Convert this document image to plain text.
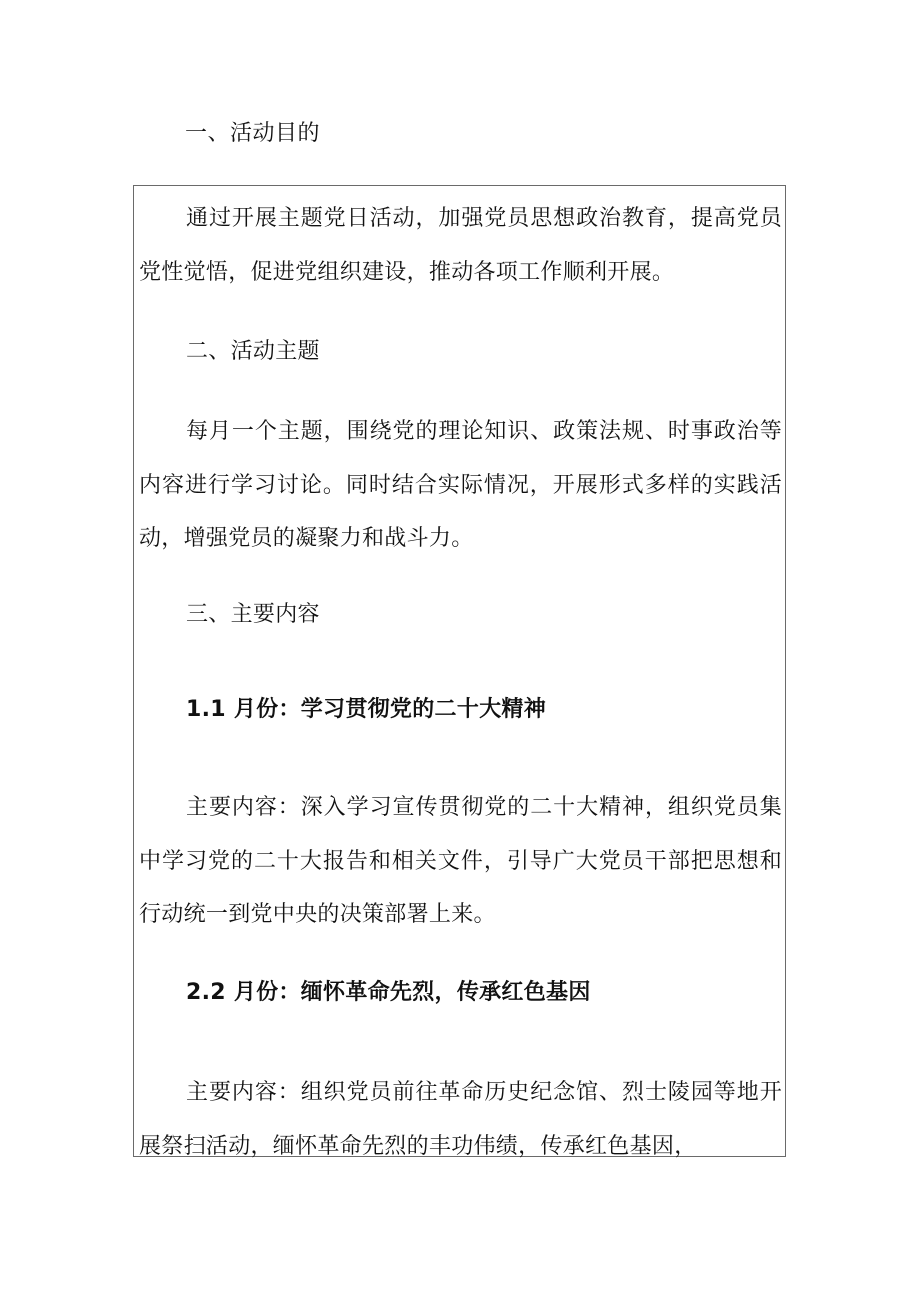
一、活动目的

通过开展主题党日活动，加强党员思想政治教育，提高党员党性觉悟，促进党组织建设，推动各项工作顺利开展。

二、活动主题

每月一个主题，围绕党的理论知识、政策法规、时事政治等内容进行学习讨论。同时结合实际情况，开展形式多样的实践活动，增强党员的凝聚力和战斗力。

三、主要内容

1.1 月份：学习贯彻党的二十大精神

主要内容：深入学习宣传贯彻党的二十大精神，组织党员集中学习党的二十大报告和相关文件，引导广大党员干部把思想和行动统一到党中央的决策部署上来。

2.2 月份：缅怀革命先烈，传承红色基因

主要内容：组织党员前往革命历史纪念馆、烈士陵园等地开展祭扫活动，缅怀革命先烈的丰功伟绩，传承红色基因，
